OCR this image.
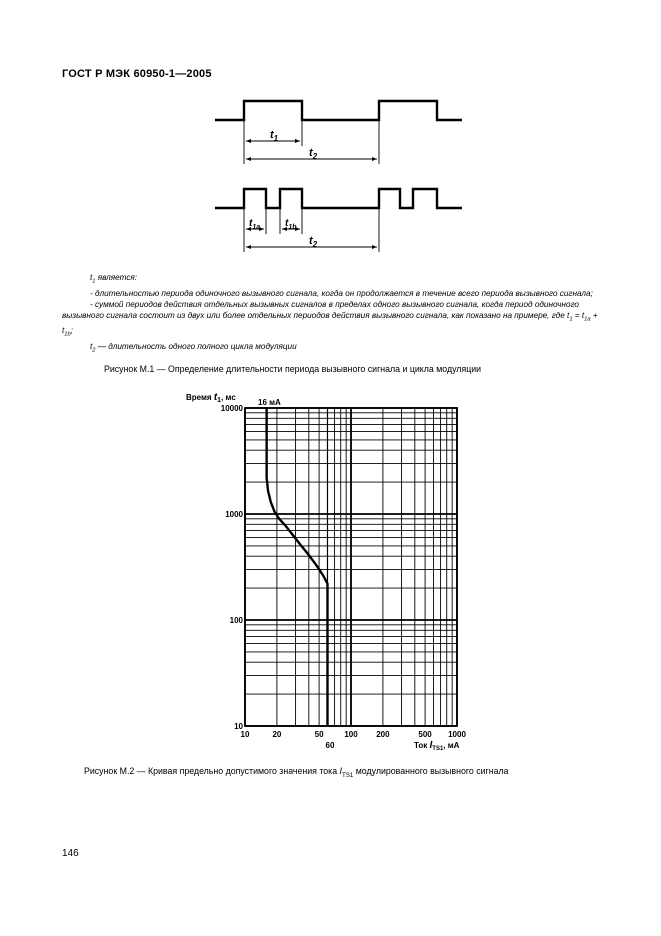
ГОСТ Р МЭК 60950-1—2005
$t_1$
$t_2$
$t_{1a}$ $t_{1b}$
$t_2$

$t_1$ является:

- длительностью периода одиночного вызывного сигнала, когда он продолжается в течение всего периода вызывного сигнала;

- суммой периодов действия отдельных вызывных сигналов в пределах одного вызывного сигнала, когда период одиночного вызывного сигнала состоит из двух или более отдельных периодов действия вызывного сигнала, как показано на примере, где $t_1 = t_{1a} + t_{1b}$;

$t_2$ — длительность одного полного цикла модуляции

Рисунок М.1 — Определение длительности периода вызывного сигнала и цикла модуляции
10	20	50	100 200	500 1000
10
100
1000
10000
Время t1, мс
16 мА
Ток $I_{TS1}$, мА
60
Рисунок М.2 — Кривая предельно допустимого значения тока $I_{TS1}$ модулированного вызывного сигнала
146
